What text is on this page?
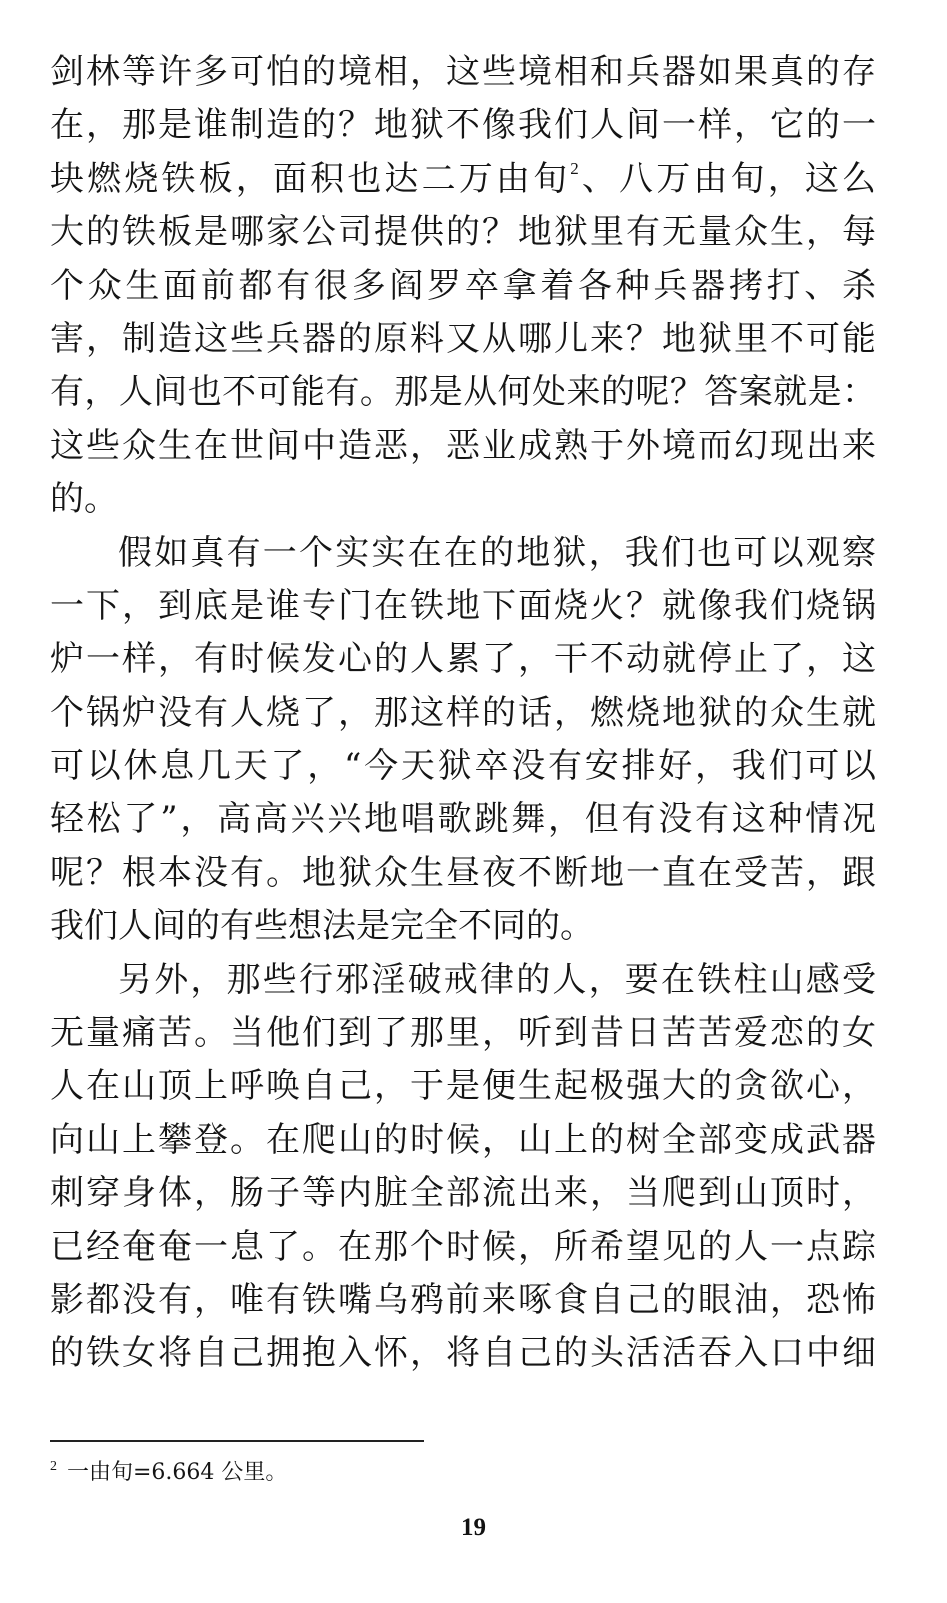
剑林等许多可怕的境相，这些境相和兵器如果真的存
在，那是谁制造的？地狱不像我们人间一样，它的一
块燃烧铁板，面积也达二万由旬$^2$、八万由旬，这么
大的铁板是哪家公司提供的？地狱里有无量众生，每
个众生面前都有很多阎罗卒拿着各种兵器拷打、杀
害，制造这些兵器的原料又从哪儿来？地狱里不可能
有，人间也不可能有。那是从何处来的呢？答案就是：
这些众生在世间中造恶，恶业成熟于外境而幻现出来
的。
假如真有一个实实在在的地狱，我们也可以观察
一下，到底是谁专门在铁地下面烧火？就像我们烧锅
炉一样，有时候发心的人累了，干不动就停止了，这
个锅炉没有人烧了，那这样的话，燃烧地狱的众生就
可以休息几天了，“今天狱卒没有安排好，我们可以
轻松了”，高高兴兴地唱歌跳舞，但有没有这种情况
呢？根本没有。地狱众生昼夜不断地一直在受苦，跟
我们人间的有些想法是完全不同的。
另外，那些行邪淫破戒律的人，要在铁柱山感受
无量痛苦。当他们到了那里，听到昔日苦苦爱恋的女
人在山顶上呼唤自己，于是便生起极强大的贪欲心，
向山上攀登。在爬山的时候，山上的树全部变成武器
刺穿身体，肠子等内脏全部流出来，当爬到山顶时，
已经奄奄一息了。在那个时候，所希望见的人一点踪
影都没有，唯有铁嘴乌鸦前来啄食自己的眼油，恐怖
的铁女将自己拥抱入怀，将自己的头活活吞入口中细
$^2$ 一由旬=6.664 公里。
19
